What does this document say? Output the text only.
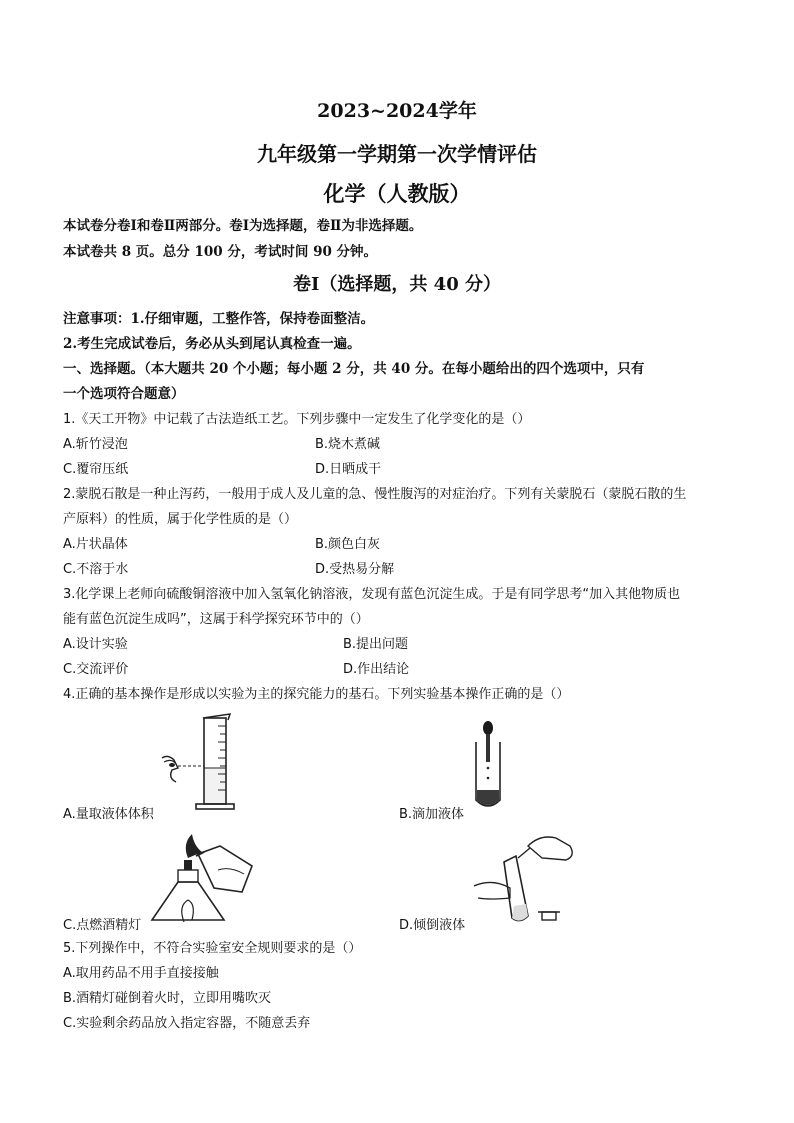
2023~2024学年
九年级第一学期第一次学情评估
化学（人教版）
本试卷分卷Ⅰ和卷Ⅱ两部分。卷Ⅰ为选择题，卷Ⅱ为非选择题。
本试卷共 8 页。总分 100 分，考试时间 90 分钟。
卷Ⅰ（选择题，共 40 分）
注意事项：1.仔细审题，工整作答，保持卷面整洁。
2.考生完成试卷后，务必从头到尾认真检查一遍。
一、选择题。（本大题共 20 个小题；每小题 2 分，共 40 分。在每小题给出的四个选项中，只有
一个选项符合题意）
1.《天工开物》中记载了古法造纸工艺。下列步骤中一定发生了化学变化的是（）
A.斩竹浸泡	B.烧木煮碱
C.覆帘压纸	D.日晒成干
2.蒙脱石散是一种止泻药，一般用于成人及儿童的急、慢性腹泻的对症治疗。下列有关蒙脱石（蒙脱石散的生
产原料）的性质，属于化学性质的是（）
A.片状晶体	B.颜色白灰
C.不溶于水	D.受热易分解
3.化学课上老师向硫酸铜溶液中加入氢氧化钠溶液，发现有蓝色沉淀生成。于是有同学思考“加入其他物质也
能有蓝色沉淀生成吗”，这属于科学探究环节中的（）
A.设计实验	B.提出问题
C.交流评价	D.作出结论
4.正确的基本操作是形成以实验为主的探究能力的基石。下列实验基本操作正确的是（）
A.量取液体体积	B.滴加液体
C.点燃酒精灯	D.倾倒液体
5.下列操作中，不符合实验室安全规则要求的是（）
A.取用药品不用手直接接触
B.酒精灯碰倒着火时，立即用嘴吹灭
C.实验剩余药品放入指定容器，不随意丢弃
